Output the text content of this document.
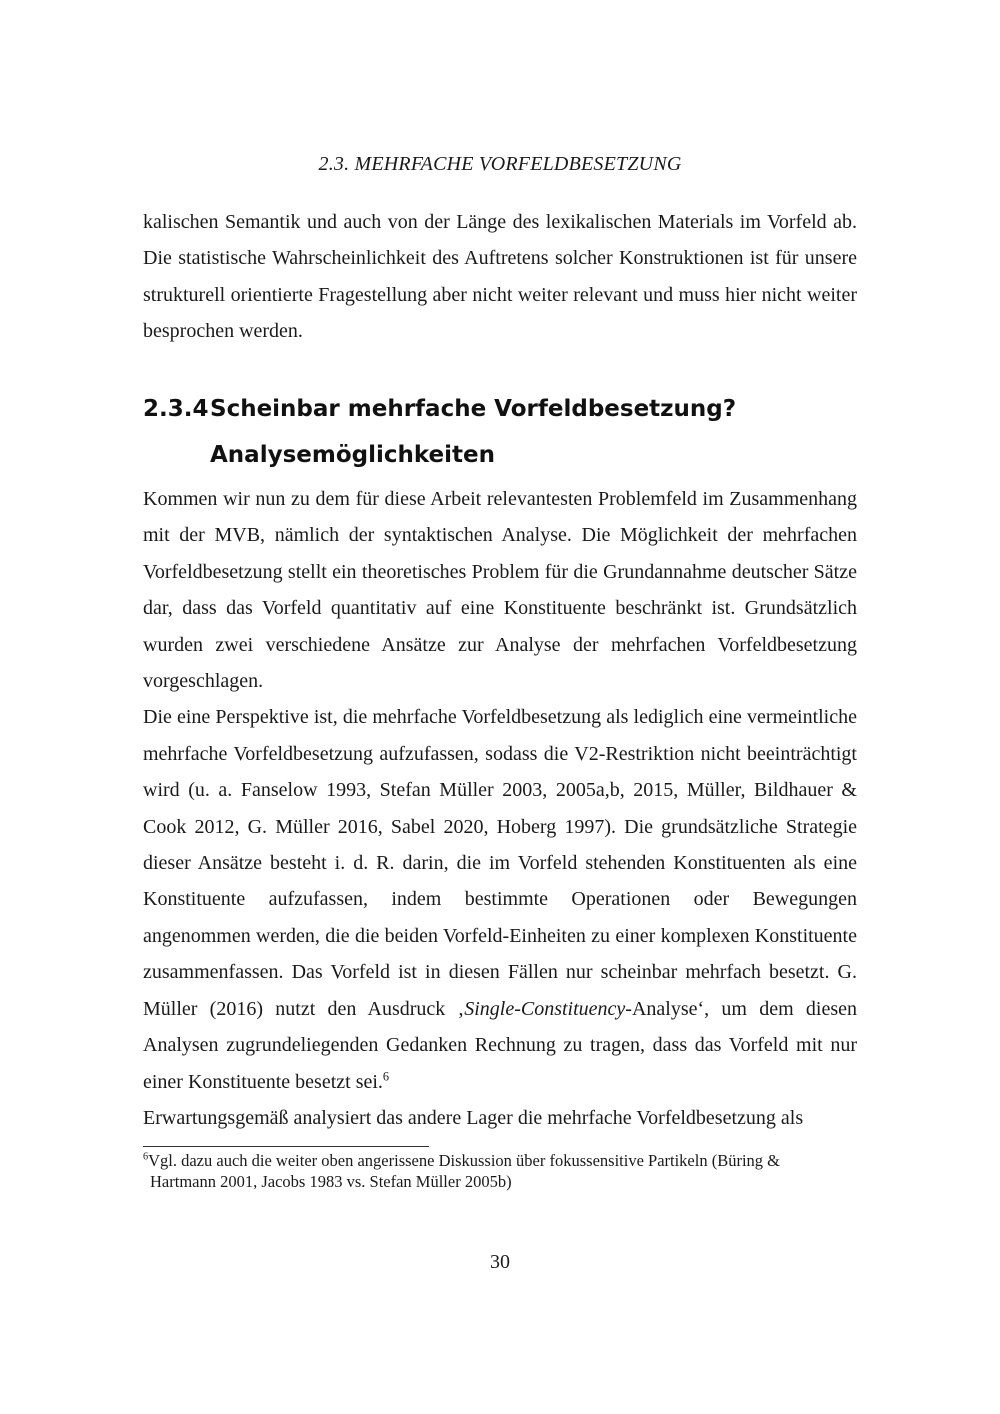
2.3. MEHRFACHE VORFELDBESETZUNG

kalischen Semantik und auch von der Länge des lexikalischen Materials im Vorfeld ab. Die statistische Wahrscheinlichkeit des Auftretens solcher Konstruktionen ist für unsere strukturell orientierte Fragestellung aber nicht weiter relevant und muss hier nicht weiter besprochen werden.

2.3.4Scheinbar mehrfache Vorfeldbesetzung?
Analysemöglichkeiten

Kommen wir nun zu dem für diese Arbeit relevantesten Problemfeld im Zusammenhang mit der MVB, nämlich der syntaktischen Analyse. Die Möglichkeit der mehrfachen Vorfeldbesetzung stellt ein theoretisches Problem für die Grundannahme deutscher Sätze dar, dass das Vorfeld quantitativ auf eine Konstituente beschränkt ist. Grundsätzlich wurden zwei verschiedene Ansätze zur Analyse der mehrfachen Vorfeldbesetzung vorgeschlagen.

Die eine Perspektive ist, die mehrfache Vorfeldbesetzung als lediglich eine vermeintliche mehrfache Vorfeldbesetzung aufzufassen, sodass die V2-Restriktion nicht beeinträchtigt wird (u. a. Fanselow 1993, Stefan Müller 2003, 2005a,b, 2015, Müller, Bildhauer & Cook 2012, G. Müller 2016, Sabel 2020, Hoberg 1997). Die grundsätzliche Strategie dieser Ansätze besteht i. d. R. darin, die im Vorfeld stehenden Konstituenten als eine Konstituente aufzufassen, indem bestimmte Operationen oder Bewegungen angenommen werden, die die beiden Vorfeld-Einheiten zu einer komplexen Konstituente zusammenfassen. Das Vorfeld ist in diesen Fällen nur scheinbar mehrfach besetzt. G. Müller (2016) nutzt den Ausdruck ‚Single-Constituency-Analyse‘, um dem diesen Analysen zugrundeliegenden Gedanken Rechnung zu tragen, dass das Vorfeld mit nur einer Konstituente besetzt sei.$^6$

Erwartungsgemäß analysiert das andere Lager die mehrfache Vorfeldbesetzung als

$^6$Vgl. dazu auch die weiter oben angerissene Diskussion über fokussensitive Partikeln (Büring &
Hartmann 2001, Jacobs 1983 vs. Stefan Müller 2005b)
30
